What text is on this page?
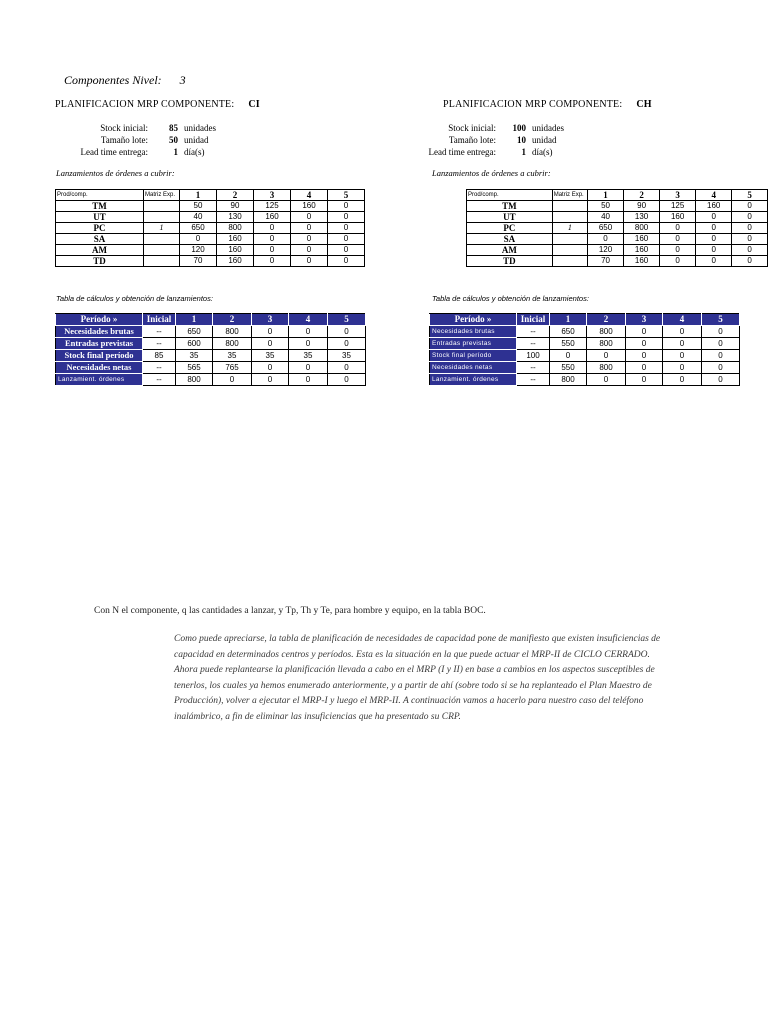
Componentes Nivel: 3
PLANIFICACION MRP COMPONENTE: CI
Stock inicial:	85 unidades
Tamaño lote:	50 unidad
Lead time entrega:	1 día(s)
Lanzamientos de órdenes a cubrir:
Prod/comp.	Matriz Exp.	1	2	3	4	5
TM		50	90	125	160	0
UT		40	130	160	0	0
PC	1	650	800	0	0	0
SA		0	160	0	0	0
AM		120	160	0	0	0
TD		70	160	0	0	0
Tabla de cálculos y obtención de lanzamientos:
Período »	Inicial	1	2	3	4	5
Necesidades brutas	--	650	800	0	0	0
Entradas previstas	--	600	800	0	0	0
Stock final período	85	35	35	35	35	35
Necesidades netas	--	565	765	0	0	0
Lanzamient. órdenes	--	800	0	0	0	0
PLANIFICACION MRP COMPONENTE: CH
Stock inicial:	100 unidades
Tamaño lote:	10 unidad
Lead time entrega:	1 día(s)
Lanzamientos de órdenes a cubrir:
Prod/comp.	Matriz Exp.	1	2	3	4	5
TM		50	90	125	160	0
UT		40	130	160	0	0
PC	1	650	800	0	0	0
SA		0	160	0	0	0
AM		120	160	0	0	0
TD		70	160	0	0	0
Tabla de cálculos y obtención de lanzamientos:
Período »	Inicial	1	2	3	4	5
Necesidades brutas	--	650	800	0	0	0
Entradas previstas	--	550	800	0	0	0
Stock final período	100	0	0	0	0	0
Necesidades netas	--	550	800	0	0	0
Lanzamient. órdenes	--	800	0	0	0	0
Con N el componente, q las cantidades a lanzar, y Tp, Th y Te, para hombre y equipo, en la tabla BOC.
Como puede apreciarse, la tabla de planificación de necesidades de capacidad pone de manifiesto que existen insuficiencias de capacidad en determinados centros y períodos. Esta es la situación en la que puede actuar el MRP-II de CICLO CERRADO. Ahora puede replantearse la planificación llevada a cabo en el MRP (I y II) en base a cambios en los aspectos susceptibles de tenerlos, los cuales ya hemos enumerado anteriormente, y a partir de ahí (sobre todo si se ha replanteado el Plan Maestro de Producción), volver a ejecutar el MRP-I y luego el MRP-II. A continuación vamos a hacerlo para nuestro caso del teléfono inalámbrico, a fin de eliminar las insuficiencias que ha presentado su CRP.
